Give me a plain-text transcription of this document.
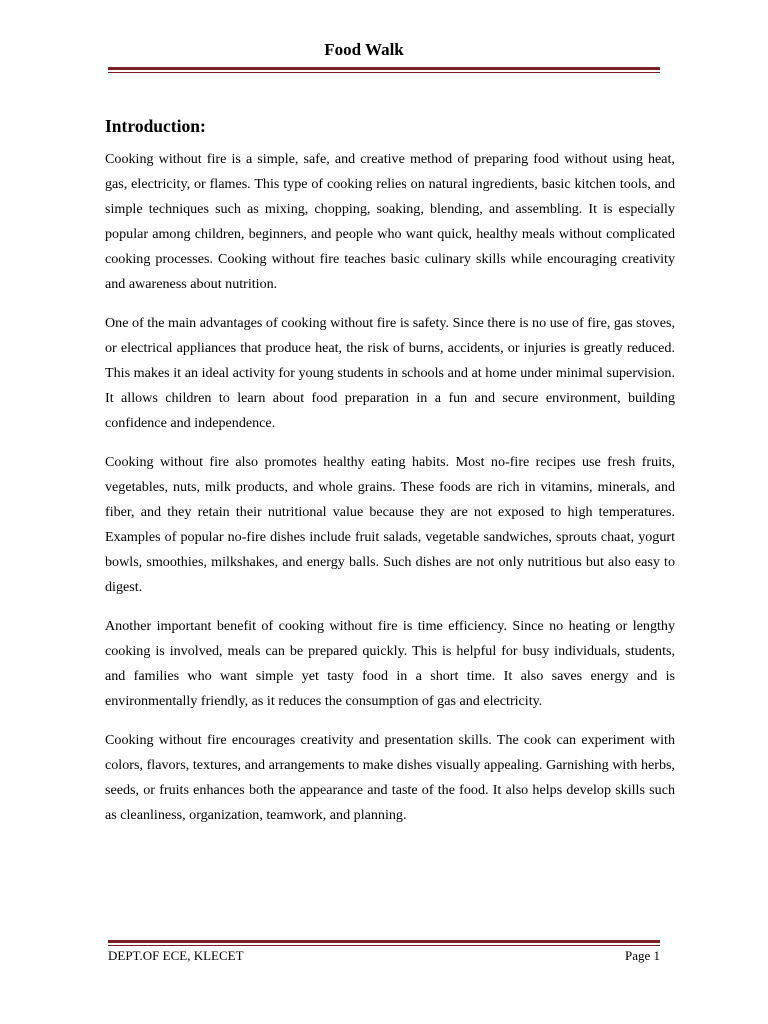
Food Walk
Introduction:

Cooking without fire is a simple, safe, and creative method of preparing food without using heat, gas, electricity, or flames. This type of cooking relies on natural ingredients, basic kitchen tools, and simple techniques such as mixing, chopping, soaking, blending, and assembling. It is especially popular among children, beginners, and people who want quick, healthy meals without complicated cooking processes. Cooking without fire teaches basic culinary skills while encouraging creativity and awareness about nutrition.

One of the main advantages of cooking without fire is safety. Since there is no use of fire, gas stoves, or electrical appliances that produce heat, the risk of burns, accidents, or injuries is greatly reduced. This makes it an ideal activity for young students in schools and at home under minimal supervision. It allows children to learn about food preparation in a fun and secure environment, building confidence and independence.

Cooking without fire also promotes healthy eating habits. Most no-fire recipes use fresh fruits, vegetables, nuts, milk products, and whole grains. These foods are rich in vitamins, minerals, and fiber, and they retain their nutritional value because they are not exposed to high temperatures. Examples of popular no-fire dishes include fruit salads, vegetable sandwiches, sprouts chaat, yogurt bowls, smoothies, milkshakes, and energy balls. Such dishes are not only nutritious but also easy to digest.

Another important benefit of cooking without fire is time efficiency. Since no heating or lengthy cooking is involved, meals can be prepared quickly. This is helpful for busy individuals, students, and families who want simple yet tasty food in a short time. It also saves energy and is environmentally friendly, as it reduces the consumption of gas and electricity.

Cooking without fire encourages creativity and presentation skills. The cook can experiment with colors, flavors, textures, and arrangements to make dishes visually appealing. Garnishing with herbs, seeds, or fruits enhances both the appearance and taste of the food. It also helps develop skills such as cleanliness, organization, teamwork, and planning.

DEPT.OF ECE, KLECET	Page 1
